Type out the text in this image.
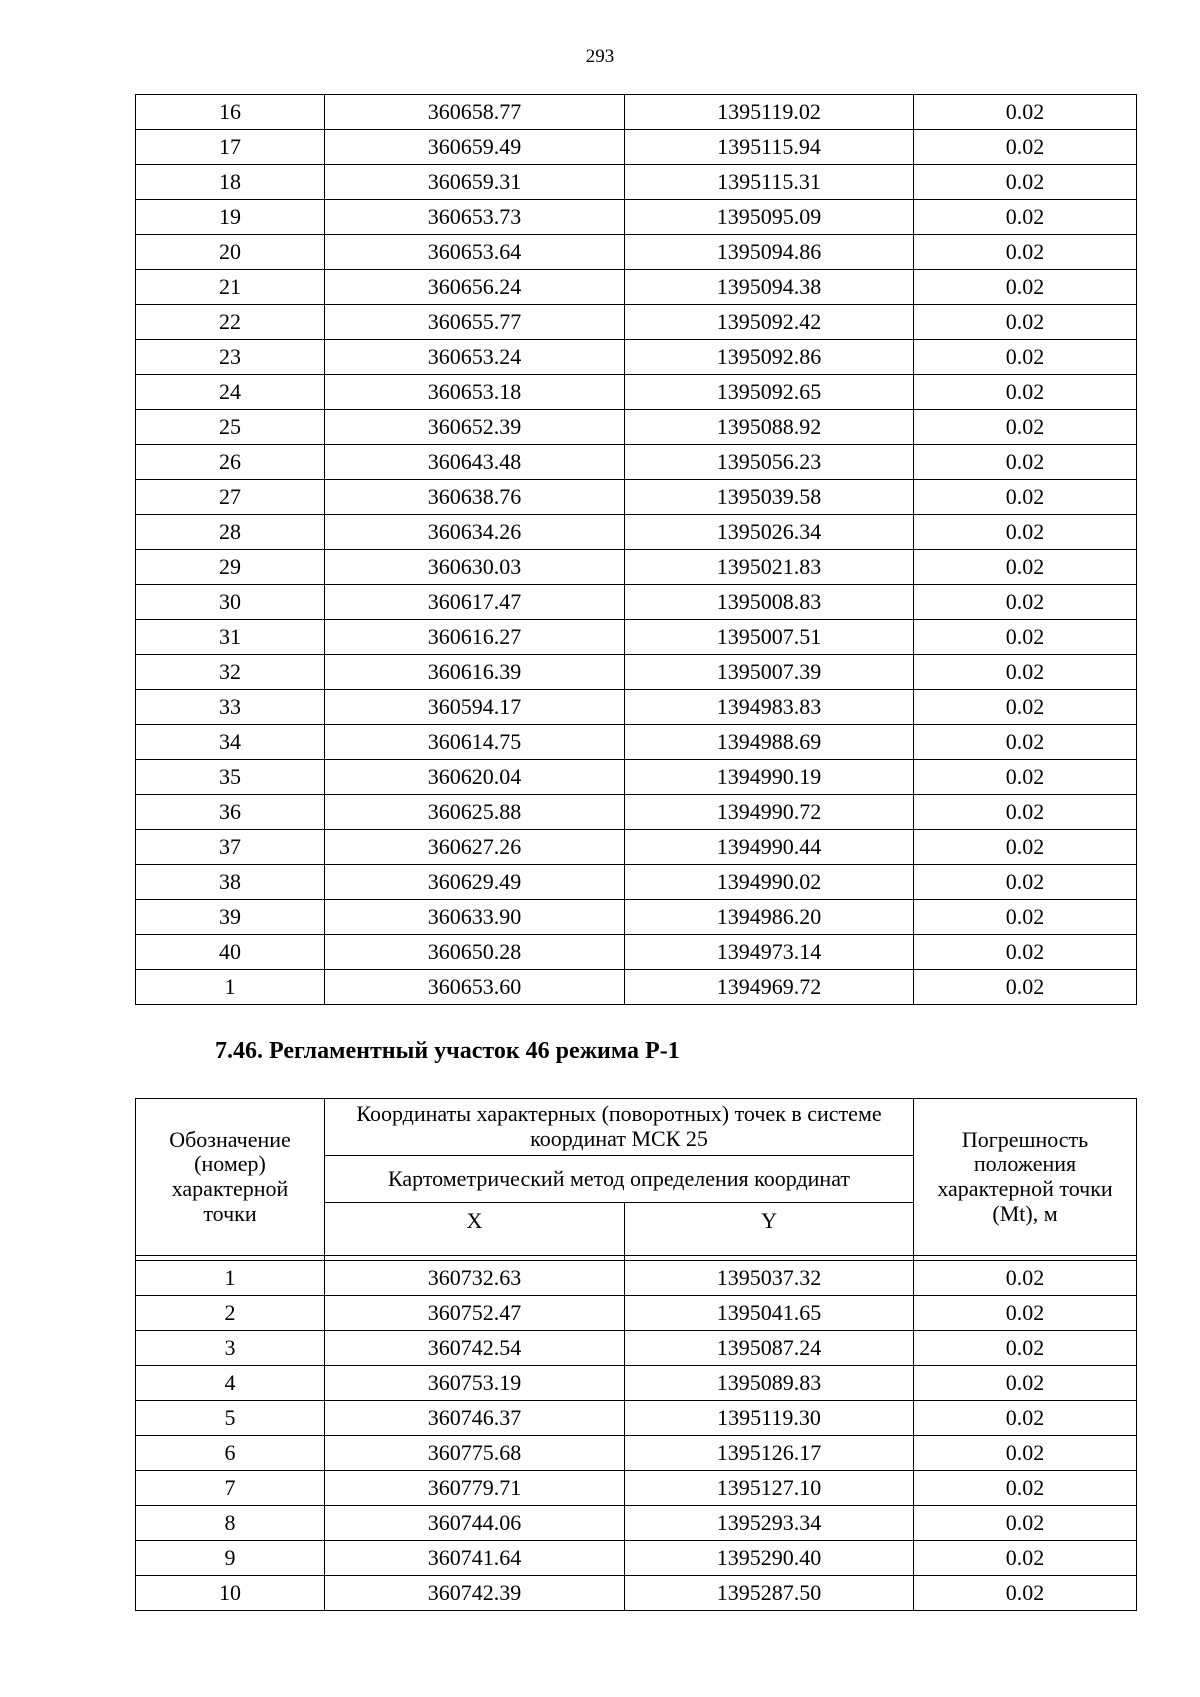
293
16	360658.77	1395119.02	0.02
17	360659.49	1395115.94	0.02
18	360659.31	1395115.31	0.02
19	360653.73	1395095.09	0.02
20	360653.64	1395094.86	0.02
21	360656.24	1395094.38	0.02
22	360655.77	1395092.42	0.02
23	360653.24	1395092.86	0.02
24	360653.18	1395092.65	0.02
25	360652.39	1395088.92	0.02
26	360643.48	1395056.23	0.02
27	360638.76	1395039.58	0.02
28	360634.26	1395026.34	0.02
29	360630.03	1395021.83	0.02
30	360617.47	1395008.83	0.02
31	360616.27	1395007.51	0.02
32	360616.39	1395007.39	0.02
33	360594.17	1394983.83	0.02
34	360614.75	1394988.69	0.02
35	360620.04	1394990.19	0.02
36	360625.88	1394990.72	0.02
37	360627.26	1394990.44	0.02
38	360629.49	1394990.02	0.02
39	360633.90	1394986.20	0.02
40	360650.28	1394973.14	0.02
1	360653.60	1394969.72	0.02
7.46. Регламентный участок 46 режима Р-1
Обозначение (номер) характерной точки	Координаты характерных (поворотных) точек в системе координат МСК 25		Погрешность положения характерной точки (Mt), м
	Картометрический метод определения координат		
	X	Y	

1	360732.63	1395037.32	0.02
2	360752.47	1395041.65	0.02
3	360742.54	1395087.24	0.02
4	360753.19	1395089.83	0.02
5	360746.37	1395119.30	0.02
6	360775.68	1395126.17	0.02
7	360779.71	1395127.10	0.02
8	360744.06	1395293.34	0.02
9	360741.64	1395290.40	0.02
10	360742.39	1395287.50	0.02
